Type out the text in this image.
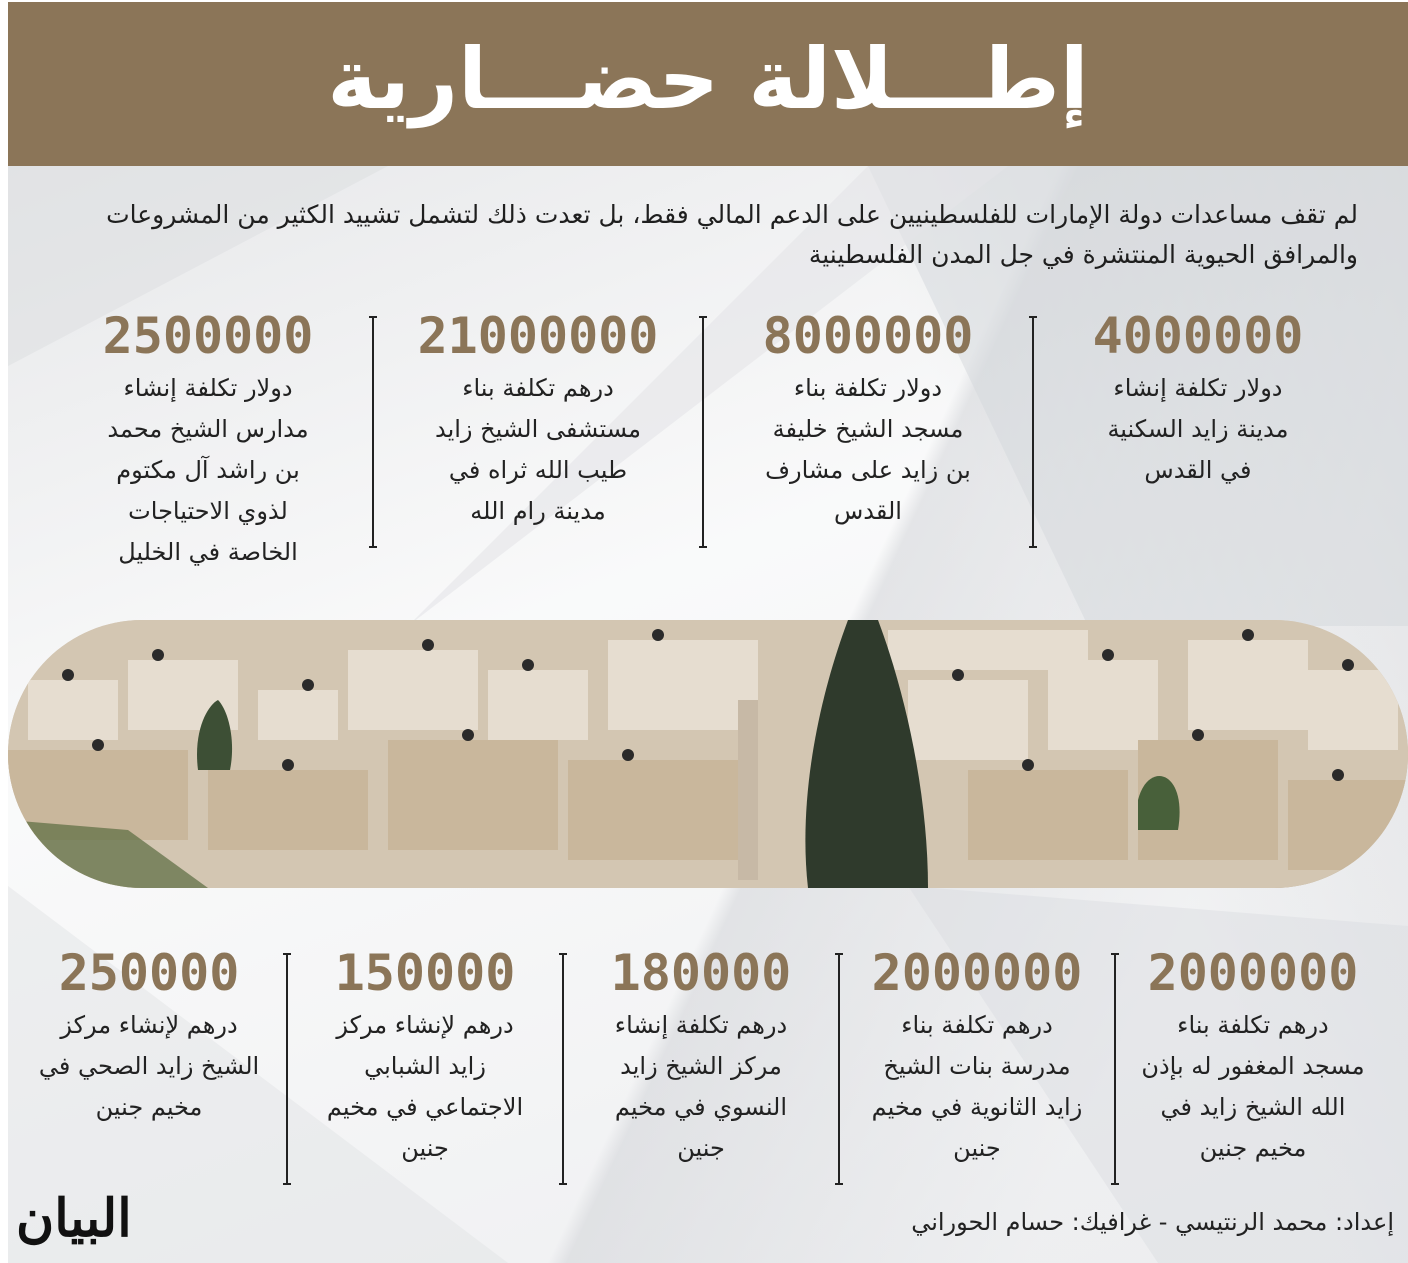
إطـــلالة حضـــارية
لم تقف مساعدات دولة الإمارات للفلسطينيين على الدعم المالي فقط، بل تعدت ذلك لتشمل تشييد الكثير من المشروعات
والمرافق الحيوية المنتشرة في جل المدن الفلسطينية
4000000
دولار تكلفة إنشاء
مدينة زايد السكنية
في القدس
8000000
دولار تكلفة بناء
مسجد الشيخ خليفة
بن زايد على مشارف
القدس
21000000
درهم تكلفة بناء
مستشفى الشيخ زايد
طيب الله ثراه في
مدينة رام الله
2500000
دولار تكلفة إنشاء
مدارس الشيخ محمد
بن راشد آل مكتوم
لذوي الاحتياجات
الخاصة في الخليل
2000000
درهم تكلفة بناء
مسجد المغفور له بإذن
الله الشيخ زايد في
مخيم جنين
2000000
درهم تكلفة بناء
مدرسة بنات الشيخ
زايد الثانوية في مخيم
جنين
180000
درهم تكلفة إنشاء
مركز الشيخ زايد
النسوي في مخيم
جنين
150000
درهم لإنشاء مركز
زايد الشبابي
الاجتماعي في مخيم
جنين
250000
درهم لإنشاء مركز
الشيخ زايد الصحي في
مخيم جنين
إعداد: محمد الرنتيسي - غرافيك: حسام الحوراني
البيان
